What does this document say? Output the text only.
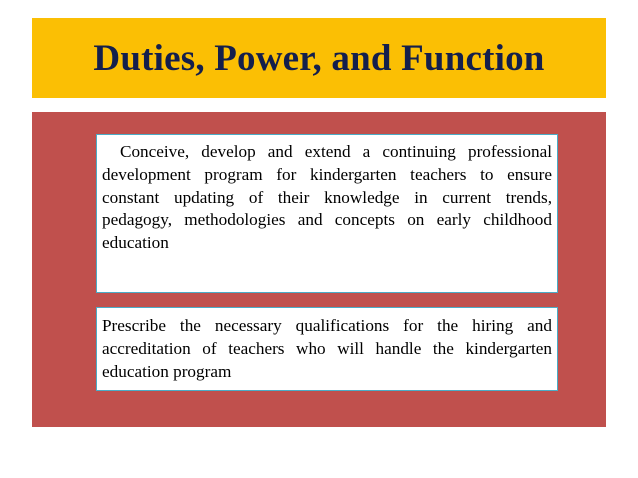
Duties, Power, and Function

Conceive, develop and extend a continuing professional development program for kindergarten teachers to ensure constant updating of their knowledge in current trends, pedagogy, methodologies and concepts on early childhood education

Prescribe the necessary qualifications for the hiring and accreditation of teachers who will handle the kindergarten education program
